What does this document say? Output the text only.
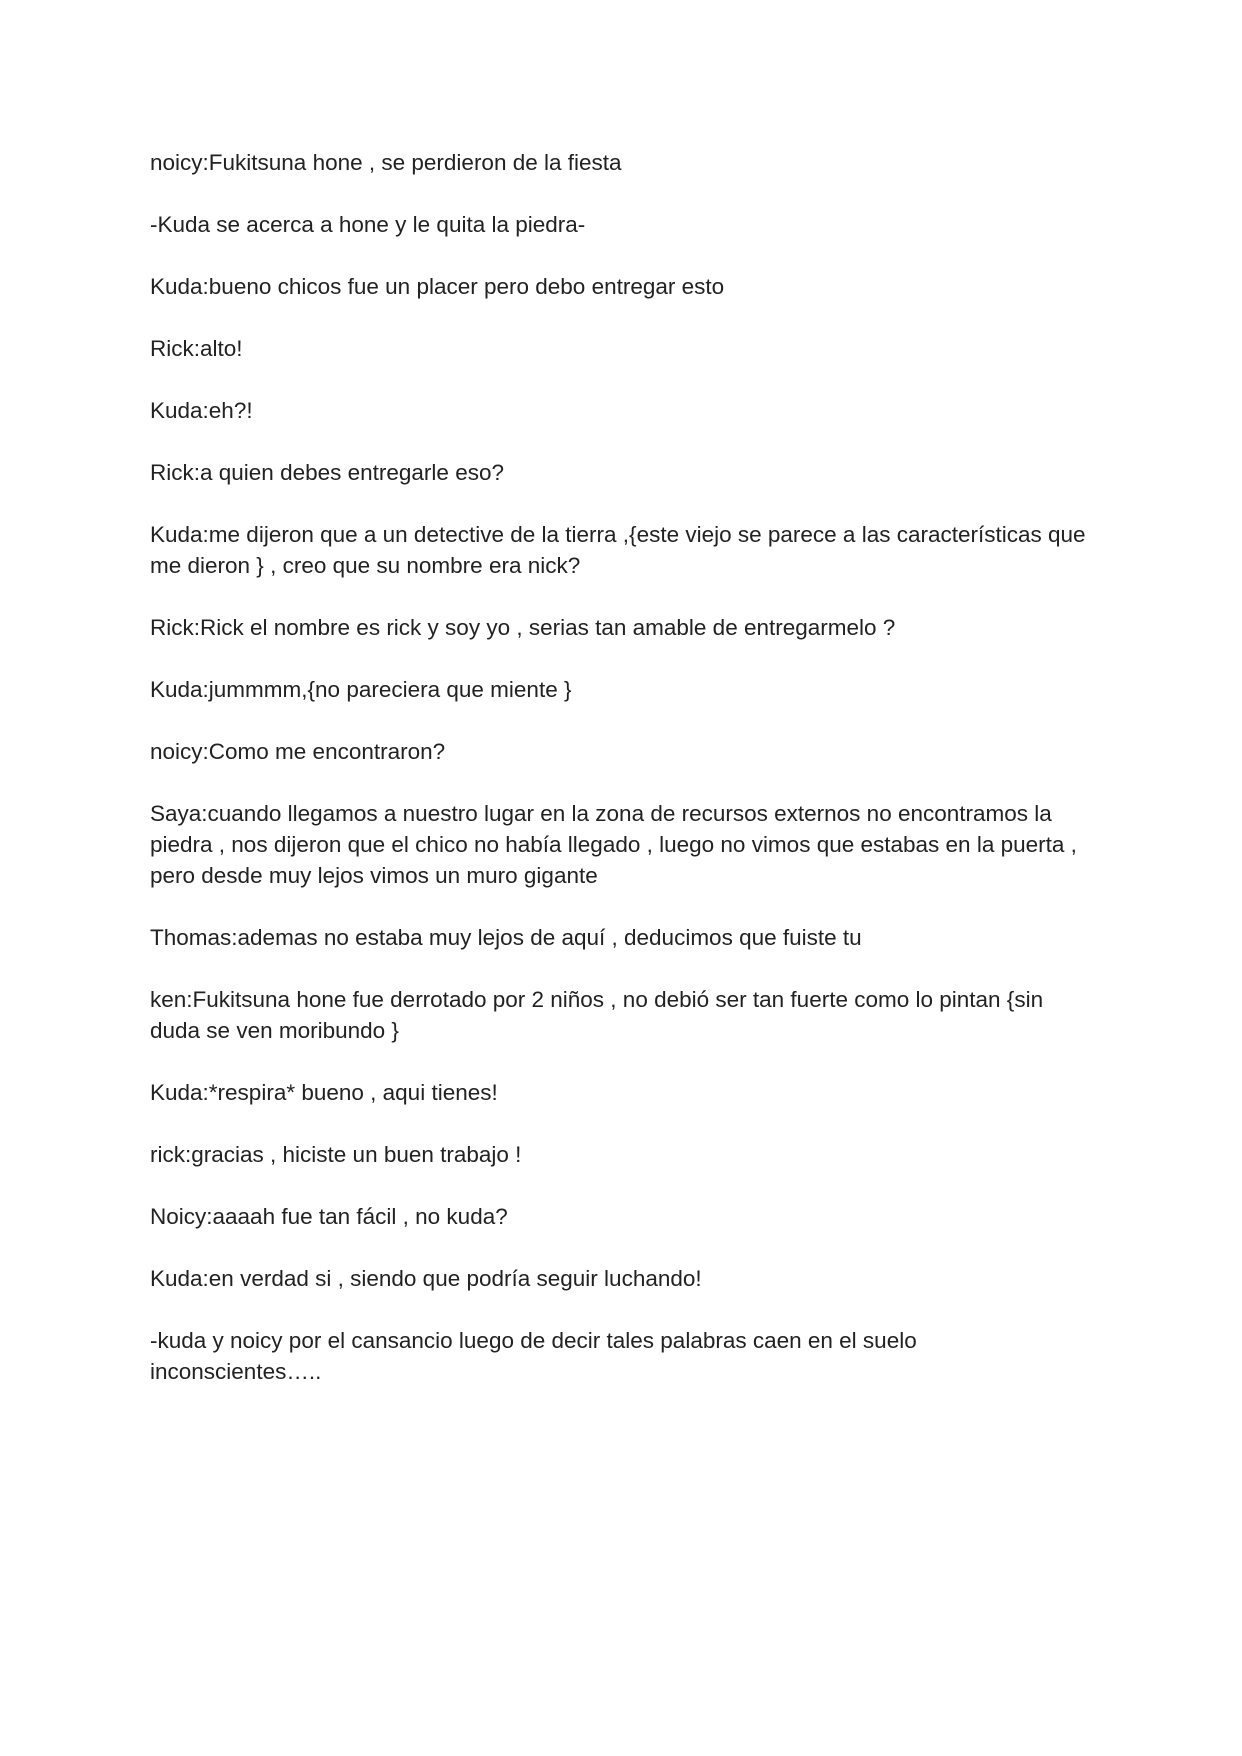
noicy:Fukitsuna hone , se perdieron de la fiesta

-Kuda se acerca a hone y le quita la piedra-

Kuda:bueno chicos fue un placer pero debo entregar esto

Rick:alto!

Kuda:eh?!

Rick:a quien debes entregarle eso?

Kuda:me dijeron que a un detective de la tierra ,{este viejo se parece a las características que me dieron } , creo que su nombre era nick?

Rick:Rick el nombre es rick y soy yo , serias tan amable de entregarmelo ?

Kuda:jummmm,{no pareciera que miente }

noicy:Como me encontraron?

Saya:cuando llegamos a nuestro lugar en la zona de recursos externos no encontramos la piedra , nos dijeron que el chico no había llegado , luego no vimos que estabas en la puerta , pero desde muy lejos vimos un muro gigante

Thomas:ademas no estaba muy lejos de aquí , deducimos que fuiste tu

ken:Fukitsuna hone fue derrotado por 2 niños , no debió ser tan fuerte como lo pintan {sin duda se ven moribundo }

Kuda:*respira* bueno , aqui tienes!

rick:gracias , hiciste un buen trabajo !

Noicy:aaaah fue tan fácil , no kuda?

Kuda:en verdad si , siendo que podría seguir luchando!

-kuda y noicy por el cansancio luego de decir tales palabras caen en el suelo inconscientes…..
